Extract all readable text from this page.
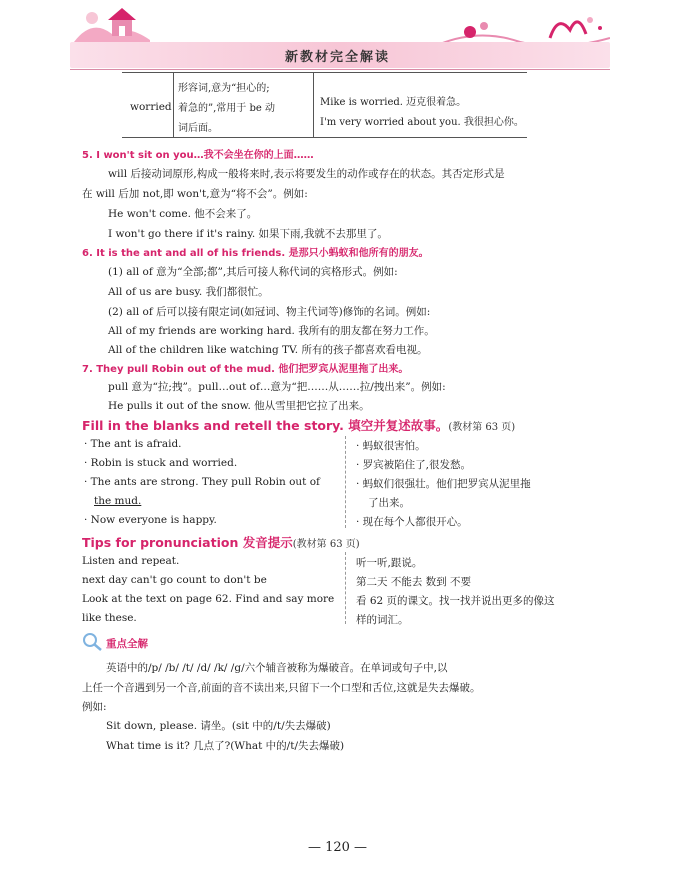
新教材完全解读
worried
形容词,意为“担心的;
着急的”,常用于 be 动
词后面。
Mike is worried. 迈克很着急。
I'm very worried about you. 我很担心你。
5. I won't sit on you…我不会坐在你的上面……
will 后接动词原形,构成一般将来时,表示将要发生的动作或存在的状态。其否定形式是
在 will 后加 not,即 won't,意为“将不会”。例如:
He won't come. 他不会来了。
I won't go there if it's rainy. 如果下雨,我就不去那里了。
6. It is the ant and all of his friends. 是那只小蚂蚁和他所有的朋友。
(1) all of 意为“全部;都”,其后可接人称代词的宾格形式。例如:
All of us are busy. 我们都很忙。
(2) all of 后可以接有限定词(如冠词、物主代词等)修饰的名词。例如:
All of my friends are working hard. 我所有的朋友都在努力工作。
All of the children like watching TV. 所有的孩子都喜欢看电视。
7. They pull Robin out of the mud. 他们把罗宾从泥里拖了出来。
pull 意为“拉;拽”。pull…out of…意为“把……从……拉/拽出来”。例如:
He pulls it out of the snow. 他从雪里把它拉了出来。
Fill in the blanks and retell the story. 填空并复述故事。(教材第 63 页)
· The ant is afraid.
· Robin is stuck and worried.
· The ants are strong. They pull Robin out of
the mud.
· Now everyone is happy.
· 蚂蚁很害怕。
· 罗宾被陷住了,很发愁。
· 蚂蚁们很强壮。他们把罗宾从泥里拖
了出来。
· 现在每个人都很开心。
Tips for pronunciation 发音提示(教材第 63 页)
Listen and repeat.
next day can't go count to don't be
Look at the text on page 62. Find and say more
like these.
听一听,跟说。
第二天 不能去 数到 不要
看 62 页的课文。找一找并说出更多的像这
样的词汇。
重点全解
英语中的/p/ /b/ /t/ /d/ /k/ /g/六个辅音被称为爆破音。在单词或句子中,以
上任一个音遇到另一个音,前面的音不读出来,只留下一个口型和舌位,这就是失去爆破。
例如:
Sit down, please. 请坐。(sit 中的/t/失去爆破)
What time is it? 几点了?(What 中的/t/失去爆破)
— 120 —
